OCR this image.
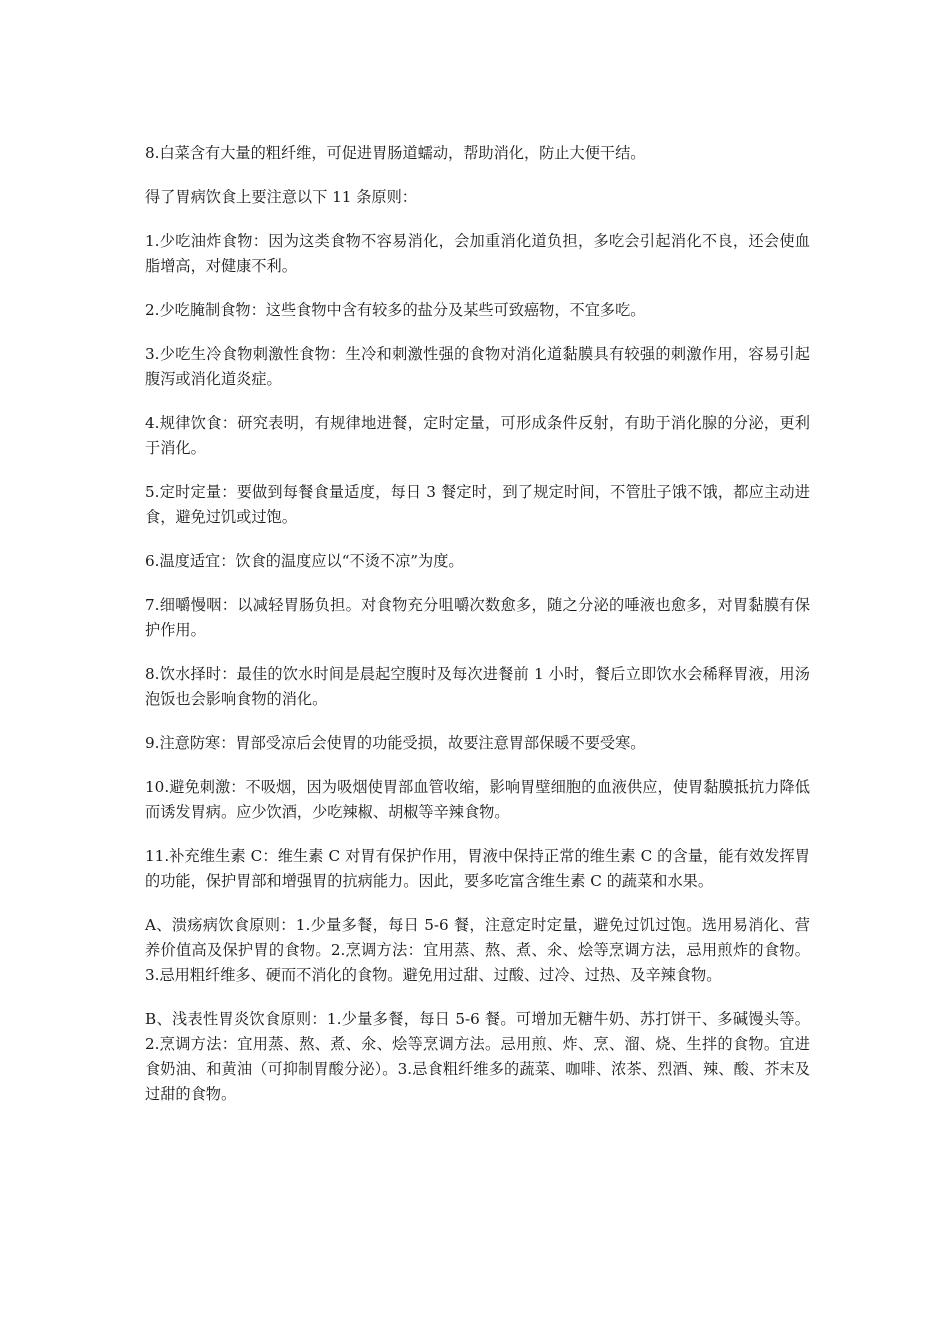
8.白菜含有大量的粗纤维，可促进胃肠道蠕动，帮助消化，防止大便干结。

得了胃病饮食上要注意以下 11 条原则：

1.少吃油炸食物：因为这类食物不容易消化，会加重消化道负担，多吃会引起消化不良，还会使血脂增高，对健康不利。

2.少吃腌制食物：这些食物中含有较多的盐分及某些可致癌物，不宜多吃。

3.少吃生冷食物刺激性食物：生冷和刺激性强的食物对消化道黏膜具有较强的刺激作用，容易引起腹泻或消化道炎症。

4.规律饮食：研究表明，有规律地进餐，定时定量，可形成条件反射，有助于消化腺的分泌，更利于消化。

5.定时定量：要做到每餐食量适度，每日 3 餐定时，到了规定时间，不管肚子饿不饿，都应主动进食，避免过饥或过饱。

6.温度适宜：饮食的温度应以“不烫不凉”为度。

7.细嚼慢咽：以减轻胃肠负担。对食物充分咀嚼次数愈多，随之分泌的唾液也愈多，对胃黏膜有保护作用。

8.饮水择时：最佳的饮水时间是晨起空腹时及每次进餐前 1 小时，餐后立即饮水会稀释胃液，用汤泡饭也会影响食物的消化。

9.注意防寒：胃部受凉后会使胃的功能受损，故要注意胃部保暖不要受寒。

10.避免刺激：不吸烟，因为吸烟使胃部血管收缩，影响胃壁细胞的血液供应，使胃黏膜抵抗力降低而诱发胃病。应少饮酒，少吃辣椒、胡椒等辛辣食物。

11.补充维生素 C：维生素 C 对胃有保护作用，胃液中保持正常的维生素 C 的含量，能有效发挥胃的功能，保护胃部和增强胃的抗病能力。因此，要多吃富含维生素 C 的蔬菜和水果。

A、溃疡病饮食原则：1.少量多餐，每日 5-6 餐，注意定时定量，避免过饥过饱。选用易消化、营养价值高及保护胃的食物。2.烹调方法：宜用蒸、熬、煮、氽、烩等烹调方法，忌用煎炸的食物。3.忌用粗纤维多、硬而不消化的食物。避免用过甜、过酸、过冷、过热、及辛辣食物。

B、浅表性胃炎饮食原则：1.少量多餐，每日 5-6 餐。可增加无糖牛奶、苏打饼干、多碱馒头等。2.烹调方法：宜用蒸、熬、煮、氽、烩等烹调方法。忌用煎、炸、烹、溜、烧、生拌的食物。宜进食奶油、和黄油（可抑制胃酸分泌）。3.忌食粗纤维多的蔬菜、咖啡、浓茶、烈酒、辣、酸、芥末及过甜的食物。
